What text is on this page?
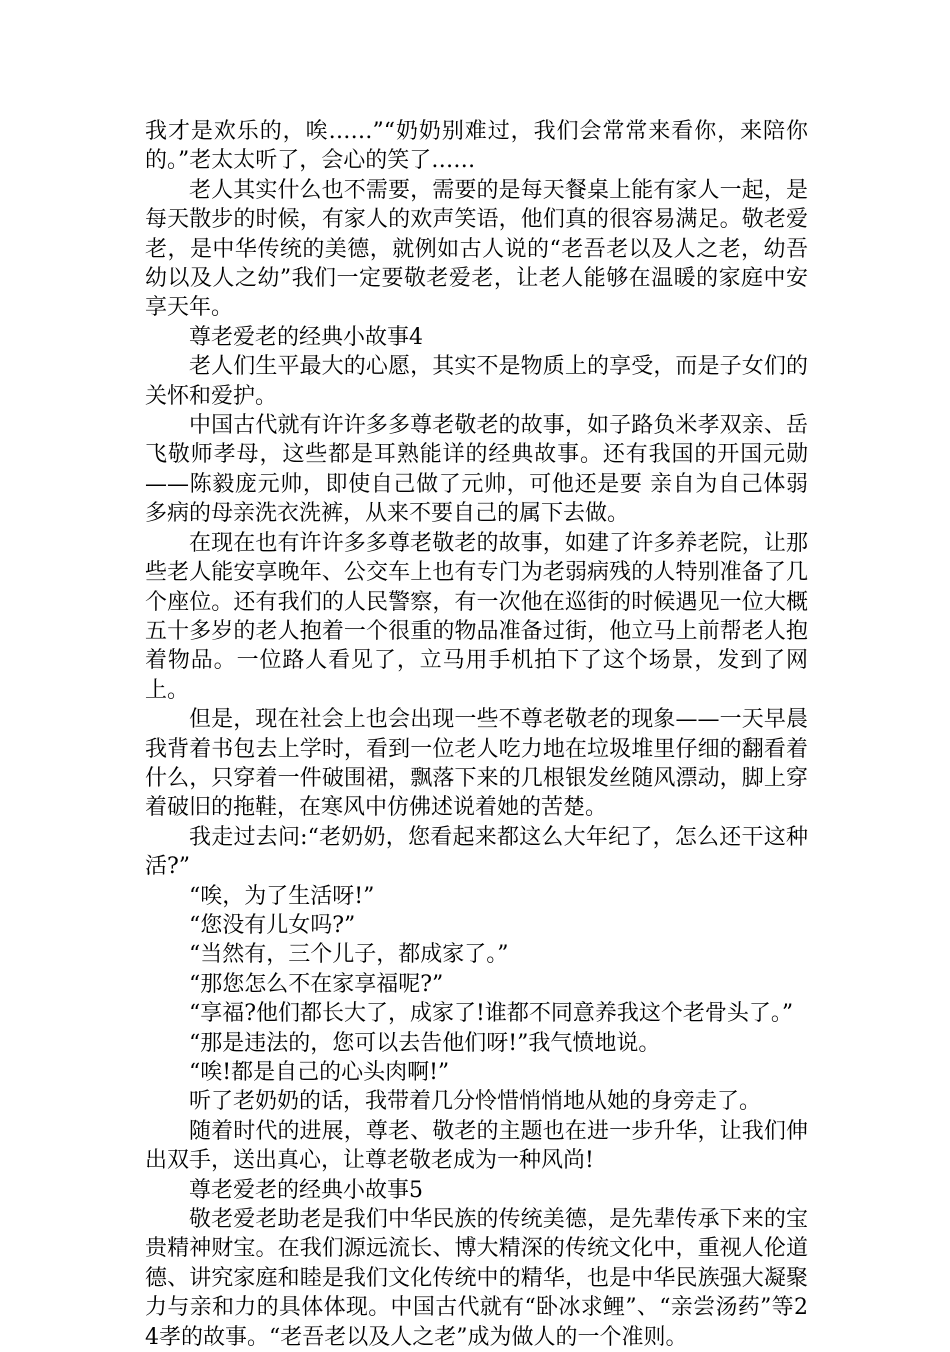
我才是欢乐的，唉……”“奶奶别难过，我们会常常来看你，来陪你的。”老太太听了，会心的笑了……

老人其实什么也不需要，需要的是每天餐桌上能有家人一起，是每天散步的时候，有家人的欢声笑语，他们真的很容易满足。敬老爱老，是中华传统的美德，就例如古人说的“老吾老以及人之老，幼吾幼以及人之幼”我们一定要敬老爱老，让老人能够在温暖的家庭中安享天年。

尊老爱老的经典小故事4

老人们生平最大的心愿，其实不是物质上的享受，而是子女们的关怀和爱护。

中国古代就有许许多多尊老敬老的故事，如子路负米孝双亲、岳飞敬师孝母，这些都是耳熟能详的经典故事。还有我国的开国元勋——陈毅庞元帅，即使自己做了元帅，可他还是要 亲自为自己体弱多病的母亲洗衣洗裤，从来不要自己的属下去做。

在现在也有许许多多尊老敬老的故事，如建了许多养老院，让那些老人能安享晚年、公交车上也有专门为老弱病残的人特别准备了几个座位。还有我们的人民警察，有一次他在巡街的时候遇见一位大概五十多岁的老人抱着一个很重的物品准备过街，他立马上前帮老人抱着物品。一位路人看见了，立马用手机拍下了这个场景，发到了网上。

但是，现在社会上也会出现一些不尊老敬老的现象——一天早晨我背着书包去上学时，看到一位老人吃力地在垃圾堆里仔细的翻看着什么，只穿着一件破围裙，飘落下来的几根银发丝随风漂动，脚上穿着破旧的拖鞋，在寒风中仿佛述说着她的苦楚。

我走过去问:“老奶奶，您看起来都这么大年纪了，怎么还干这种活?”

“唉，为了生活呀!”

“您没有儿女吗?”

“当然有，三个儿子，都成家了。”

“那您怎么不在家享福呢?”

“享福?他们都长大了，成家了!谁都不同意养我这个老骨头了。”

“那是违法的，您可以去告他们呀!”我气愤地说。

“唉!都是自己的心头肉啊!”

听了老奶奶的话，我带着几分怜惜悄悄地从她的身旁走了。

随着时代的进展，尊老、敬老的主题也在进一步升华，让我们伸出双手，送出真心，让尊老敬老成为一种风尚!

尊老爱老的经典小故事5

敬老爱老助老是我们中华民族的传统美德，是先辈传承下来的宝贵精神财宝。在我们源远流长、博大精深的传统文化中，重视人伦道德、讲究家庭和睦是我们文化传统中的精华，也是中华民族强大凝聚力与亲和力的具体体现。中国古代就有“卧冰求鲤”、“亲尝汤药”等24孝的故事。“老吾老以及人之老”成为做人的一个准则。
